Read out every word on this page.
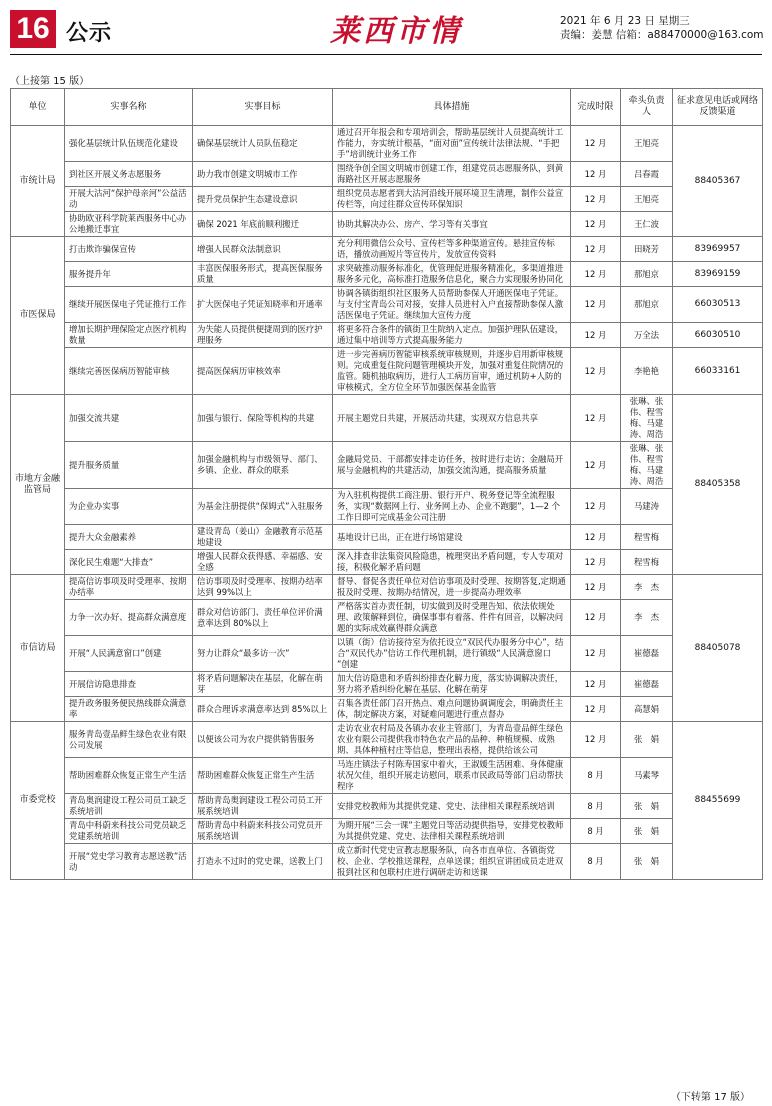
16 公示	莱西市情	2021 年 6 月 23 日 星期三
责编：姜慧 信箱：a88470000@163.com
（上接第 15 版）
单位	实事名称	实事目标	具体措施	完成时限	牵头负责人	征求意见电话或网络反馈渠道
市统计局	强化基层统计队伍规范化建设	确保基层统计人员队伍稳定	通过召开年报会和专项培训会，帮助基层统计人员提高统计工作能力，夯实统计根基，“面对面”宣传统计法律法规、“手把手”培训统计业务工作	12 月	王旭亮	88405367
	到社区开展义务志愿服务	助力我市创建文明城市工作	围绕争创全国文明城市创建工作，组建党员志愿服务队，到黄海路社区开展志愿服务	12 月	吕春霞	
	开展大沽河“保护母亲河”公益活动	提升党员保护生态建设意识	组织党员志愿者到大沽河沿线开展环境卫生清理，制作公益宣传栏等，向过往群众宣传环保知识	12 月	王旭亮	
	协助欧亚科学院莱西服务中心办公地搬迁事宜	确保 2021 年底前顺利搬迁	协助其解决办公、房产、学习等有关事宜	12 月	王仁波	
市医保局	打击欺诈骗保宣传	增强人民群众法制意识	充分利用微信公众号、宣传栏等多种渠道宣传。悬挂宣传标语，播放动画短片等宣传片，发放宣传资料	12 月	田晓芳	83969957
	服务提升年	丰富医保服务形式，提高医保服务质量	求突破推动服务标准化，优管理促进服务精准化，多渠道推进服务多元化，高标准打造服务信息化，聚合力实现服务协同化	12 月	那旭京	83969159
	继续开展医保电子凭证推行工作	扩大医保电子凭证知晓率和开通率	协调各镇街组织社区服务人员帮助参保人开通医保电子凭证。与支付宝青岛公司对接，安排人员进村入户直接帮助参保人激活医保电子凭证。继续加大宣传力度	12 月	那旭京	66030513
	增加长期护理保险定点医疗机构数量	为失能人员提供便捷周到的医疗护理服务	将更多符合条件的镇街卫生院纳入定点。加强护理队伍建设，通过集中培训等方式提高服务能力	12 月	万全法	66030510
	继续完善医保病历智能审核	提高医保病历审核效率	进一步完善病历智能审核系统审核规则，并逐步启用新审核规则。完成重复住院问题管理模块开发，加强对重复住院情况的监管。随机抽取病历，进行人工病历盲审，通过机防+人防的审核模式，全方位全环节加强医保基金监管	12 月	李艳艳	66033161
市地方金融监管局	加强交流共建	加强与银行、保险等机构的共建	开展主题党日共建，开展活动共建，实现双方信息共享	12 月	张琳、张伟、程雪梅、马建涛、周浩	88405358
	提升服务质量	加强金融机构与市级领导、部门、乡镇、企业、群众的联系	金融局党员、干部都安排走访任务，按时进行走访；金融局开展与金融机构的共建活动，加强交流沟通，提高服务质量	12 月	张琳、张伟、程雪梅、马建涛、周浩	
	为企业办实事	为基金注册提供“保姆式”入驻服务	为入驻机构提供工商注册、银行开户、税务登记等全流程服务，实现“数据网上行、业务网上办、企业不跑腿”，1—2 个工作日即可完成基金公司注册	12 月	马建涛	
	提升大众金融素养	建设青岛（姜山）金融教育示范基地建设	基地设计已出，正在进行场馆建设	12 月	程雪梅	
	深化民生难题“大排查”	增强人民群众获得感、幸福感、安全感	深入排查非法集资风险隐患，梳理突出矛盾问题，专人专项对接，积极化解矛盾问题	12 月	程雪梅	
市信访局	提高信访事项及时受理率、按期办结率	信访事项及时受理率、按期办结率达到 99%以上	督导、督促各责任单位对信访事项及时受理、按期答复,定期通报及时受理、按期办结情况，进一步提高办理效率	12 月	李　杰	88405078
	力争一次办好、提高群众满意度	群众对信访部门、责任单位评价满意率达到 80%以上	严格落实首办责任制，切实做到及时受理告知、依法依规处理、政策解释到位，确保事事有着落、件件有回音，以解决问题的实际成效赢得群众满意	12 月	李　杰	
	开展“人民满意窗口”创建	努力让群众“最多访一次”	以镇（街）信访接待室为依托设立“双民代办服务分中心”，结合“双民代办”信访工作代理机制，进行镇级“人民满意窗口 ”创建	12 月	崔德磊	
	开展信访隐患排查	将矛盾问题解决在基层，化解在萌芽	加大信访隐患和矛盾纠纷排查化解力度，落实协调解决责任，努力将矛盾纠纷化解在基层、化解在萌芽	12 月	崔德磊	
	提升政务服务便民热线群众满意率	群众合理诉求满意率达到 85%以上	召集各责任部门召开热点、难点问题协调调度会，明确责任主体，制定解决方案，对疑难问题进行重点督办	12 月	高慧娟	
市委党校	服务青岛壹品鲜生绿色农业有限公司发展	以便该公司为农户提供销售服务	走访农业农村局及各镇办农业主管部门，为青岛壹品鲜生绿色农业有限公司提供我市特色农产品的品种、种植规模、成熟期、具体种植村庄等信息，整理出表格，提供给该公司	12 月	张　娟	88455699
	帮助困难群众恢复正常生产生活	帮助困难群众恢复正常生产生活	马连庄镇法子村陈寿国家中着火，王淑媛生活困难、身体健康状况欠佳，组织开展走访慰问，联系市民政局等部门启动帮扶程序	8 月	马素琴	
	青岛奥润建设工程公司员工缺乏系统培训	帮助青岛奥润建设工程公司员工开展系统培训	安排党校教师为其提供党建、党史、法律相关课程系统培训	8 月	张　娟	
	青岛中科蔚来科技公司党员缺乏党建系统培训	帮助青岛中科蔚来科技公司党员开展系统培训	为期开展“三会一课”主题党日等活动提供指导，安排党校教师为其提供党建、党史、法律相关课程系统培训	8 月	张　娟	
	开展“党史学习教育志愿送教”活动	打造永不过时的党史课，送教上门	成立新时代党史宣教志愿服务队，向各市直单位、各镇街党校、企业、学校推送课程，点单送课；组织宣讲团成员走进双报到社区和包联村庄进行调研走访和送课	8 月	张　娟	
（下转第 17 版）
